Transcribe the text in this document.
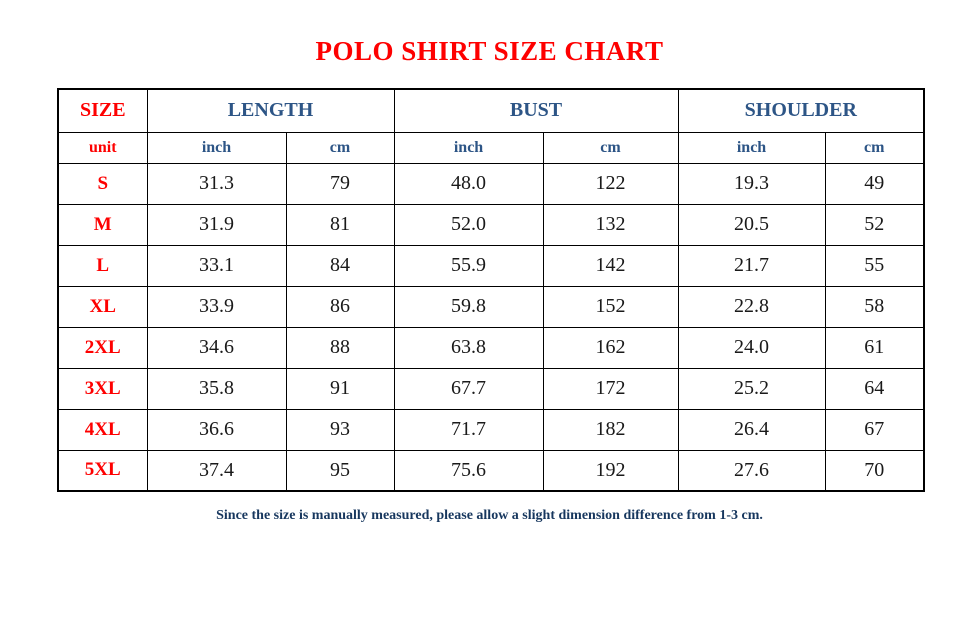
POLO SHIRT SIZE CHART
SIZE	LENGTH		BUST		SHOULDER	
unit	inch	cm	inch	cm	inch	cm
S	31.3	79	48.0	122	19.3	49
M	31.9	81	52.0	132	20.5	52
L	33.1	84	55.9	142	21.7	55
XL	33.9	86	59.8	152	22.8	58
2XL	34.6	88	63.8	162	24.0	61
3XL	35.8	91	67.7	172	25.2	64
4XL	36.6	93	71.7	182	26.4	67
5XL	37.4	95	75.6	192	27.6	70
Since the size is manually measured, please allow a slight dimension difference from 1-3 cm.
